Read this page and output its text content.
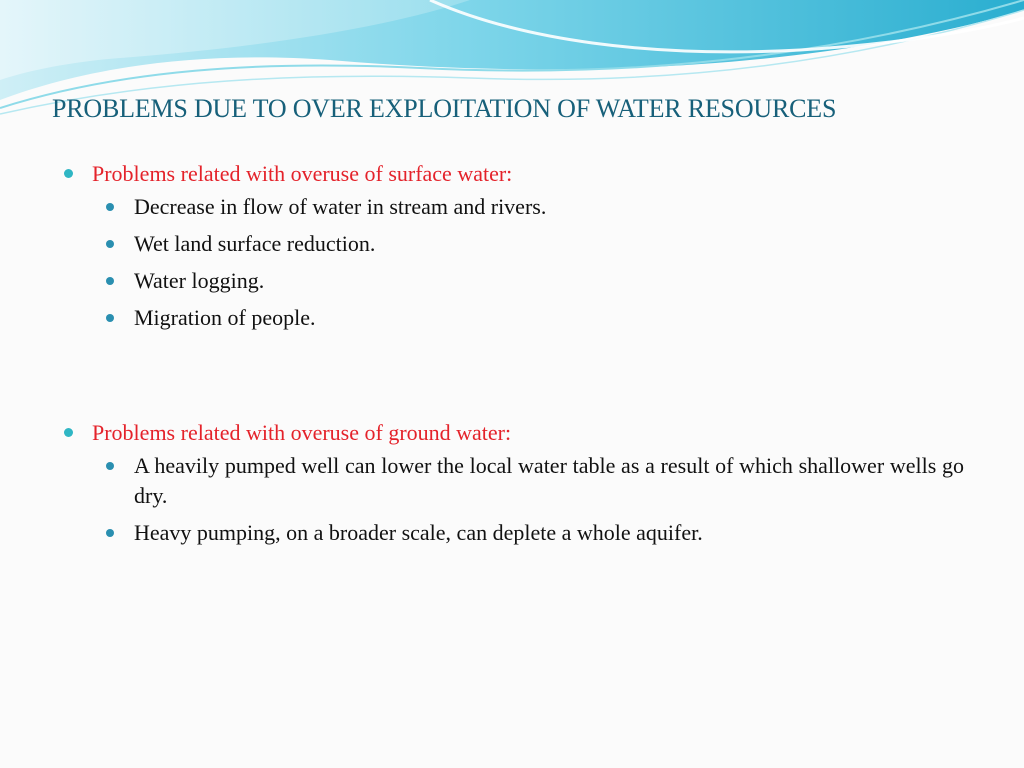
PROBLEMS DUE TO OVER EXPLOITATION OF WATER RESOURCES
Problems related with overuse of surface water:
Decrease in flow of water in stream and rivers.
Wet land surface reduction.
Water logging.
Migration of people.
Problems related with overuse of ground water:
A heavily pumped well can lower the local water table as a result of which shallower wells go dry.
Heavy pumping, on a broader scale, can deplete a whole aquifer.
